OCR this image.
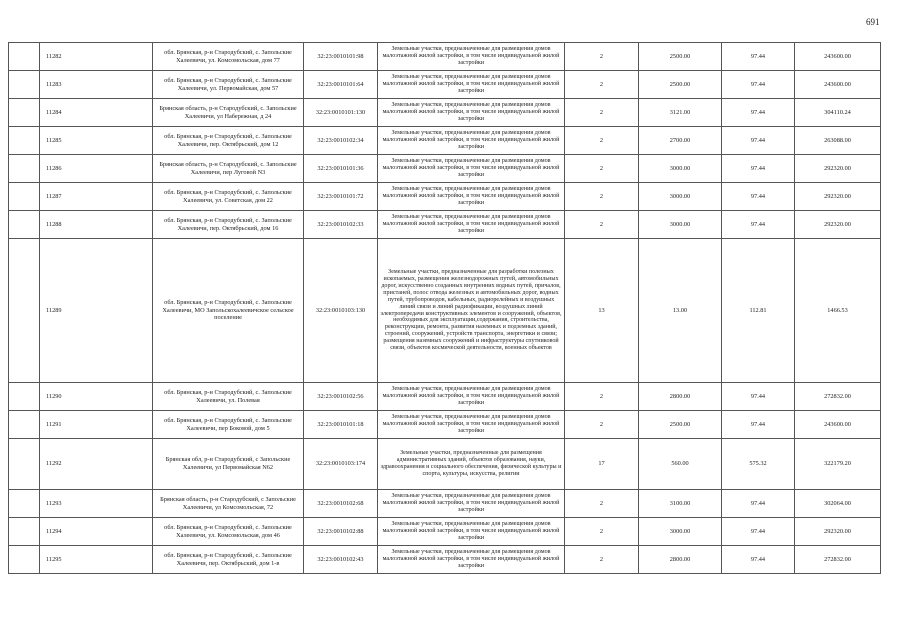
691
	11282	обл. Брянская, р-н Стародубский, с. Запольские Халеевичи, ул. Комсомольская, дом 77	32:23:0010101:98	Земельные участки, предназначенные для размещения домов малоэтажной жилой застройки, в том числе индивидуальной жилой застройки	2	2500.00	97.44	243600.00
	11283	обл. Брянская, р-н Стародубский, с. Запольские Халеевичи, ул. Первомайская, дом 57	32:23:0010101:64	Земельные участки, предназначенные для размещения домов малоэтажной жилой застройки, в том числе индивидуальной жилой застройки	2	2500.00	97.44	243600.00
	11284	Брянская область, р-н Стародубский, с. Запольские Халеевичи, ул Набережная, д 24	32:23:0010101:130	Земельные участки, предназначенные для размещения домов малоэтажной жилой застройки, в том числе индивидуальной жилой застройки	2	3121.00	97.44	304110.24
	11285	обл. Брянская, р-н Стародубский, с. Запольские Халеевичи, пер. Октябрьский, дом 12	32:23:0010102:34	Земельные участки, предназначенные для размещения домов малоэтажной жилой застройки, в том числе индивидуальной жилой застройки	2	2700.00	97.44	263088.00
	11286	Брянская область, р-н Стародубский, с. Запольские Халеевичи, пер Луговой N3	32:23:0010101:36	Земельные участки, предназначенные для размещения домов малоэтажной жилой застройки, в том числе индивидуальной жилой застройки	2	3000.00	97.44	292320.00
	11287	обл. Брянская, р-н Стародубский, с. Запольские Халеевичи, ул. Советская, дом 22	32:23:0010101:72	Земельные участки, предназначенные для размещения домов малоэтажной жилой застройки, в том числе индивидуальной жилой застройки	2	3000.00	97.44	292320.00
	11288	обл. Брянская, р-н Стародубский, с. Запольские Халеевичи, пер. Октябрьский, дом 16	32:23:0010102:33	Земельные участки, предназначенные для размещения домов малоэтажной жилой застройки, в том числе индивидуальной жилой застройки	2	3000.00	97.44	292320.00
	11289	обл. Брянская, р-н Стародубский, с. Запольские Халеевичи, МО Запольскохалеевичское сельское поселение	32:23:0010103:130	Земельные участки, предназначенные для разработки полезных ископаемых, размещения железнодорожных путей, автомобильных дорог, искусственно созданных внутренних водных путей, причалов, пристаней, полос отвода железных и автомобильных дорог, водных путей, трубопроводов, кабельных, радиорелейных и воздушных линий связи и линий радиофикации, воздушных линий электропередачи конструктивных элементов и сооружений, объектов, необходимых для эксплуатации,содержания, строительства, реконструкции, ремонта, развития наземных и подземных зданий, строений, сооружений, устройств транспорта, энергетики и связи; размещения наземных сооружений и инфраструктуры спутниковой связи, объектов космической деятельности, военных объектов	13	13.00	112.81	1466.53
	11290	обл. Брянская, р-н Стародубский, с. Запольские Халеевичи, ул. Полевая	32:23:0010102:56	Земельные участки, предназначенные для размещения домов малоэтажной жилой застройки, в том числе индивидуальной жилой застройки	2	2800.00	97.44	272832.00
	11291	обл. Брянская, р-н Стародубский, с. Запольские Халеевичи, пер Боковой, дом 5	32:23:0010101:18	Земельные участки, предназначенные для размещения домов малоэтажной жилой застройки, в том числе индивидуальной жилой застройки	2	2500.00	97.44	243600.00
	11292	Брянская обл, р-н Стародубский, с Запольские Халеевичи, ул Первомайская N62	32:23:0010103:174	Земельные участки, предназначенные для размещения административных зданий, объектов образования, науки, здравоохранения и социального обеспечения, физической культуры и спорта, культуры, искусства, религии	17	560.00	575.32	322179.20
	11293	Брянская область, р-н Стародубский, с Запольские Халеевичи, ул Комсомольская, 72	32:23:0010102:68	Земельные участки, предназначенные для размещения домов малоэтажной жилой застройки, в том числе индивидуальной жилой застройки	2	3100.00	97.44	302064.00
	11294	обл. Брянская, р-н Стародубский, с. Запольские Халеевичи, ул. Комсомольская, дом 46	32:23:0010102:88	Земельные участки, предназначенные для размещения домов малоэтажной жилой застройки, в том числе индивидуальной жилой застройки	2	3000.00	97.44	292320.00
	11295	обл. Брянская, р-н Стародубский, с. Запольские Халеевичи, пер. Октябрьский, дом 1-в	32:23:0010102:43	Земельные участки, предназначенные для размещения домов малоэтажной жилой застройки, в том числе индивидуальной жилой застройки	2	2800.00	97.44	272832.00
